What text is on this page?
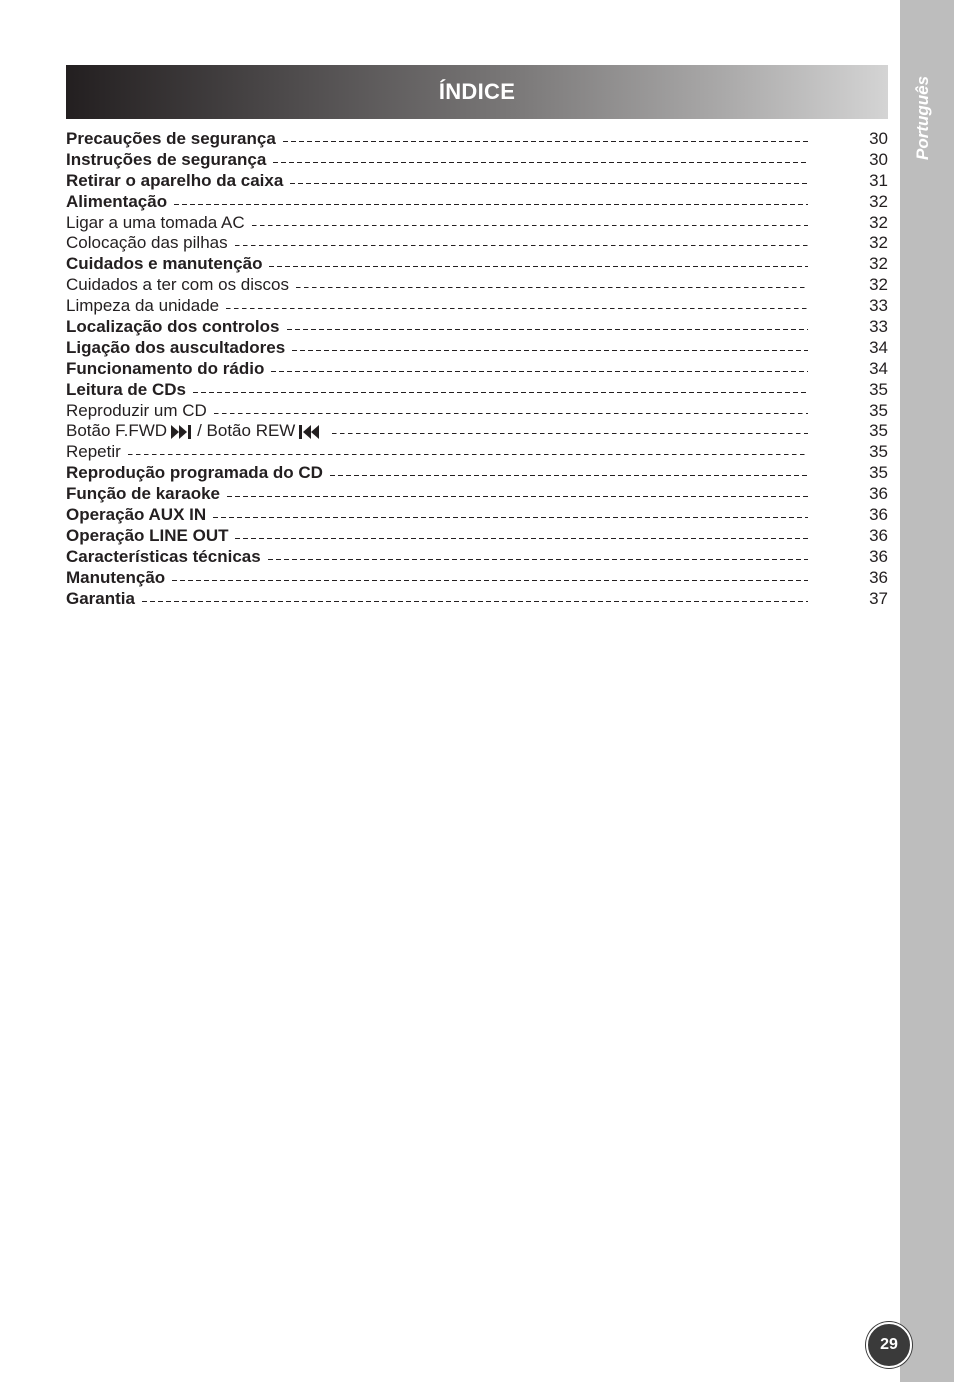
Português
ÍNDICE
Precauções de segurança	30
Instruções de segurança	30
Retirar o aparelho da caixa	31
Alimentação	32
Ligar a uma tomada AC	32
Colocação das pilhas	32
Cuidados e manutenção	32
Cuidados a ter com os discos	32
Limpeza da unidade	33
Localização dos controlos	33
Ligação dos auscultadores	34
Funcionamento do rádio	34
Leitura de CDs	35
Reproduzir um CD	35
Botão F.FWD / Botão REW	35
Repetir	35
Reprodução programada do CD	35
Função de karaoke	36
Operação AUX IN	36
Operação LINE OUT	36
Características técnicas	36
Manutenção	36
Garantia	37
29
